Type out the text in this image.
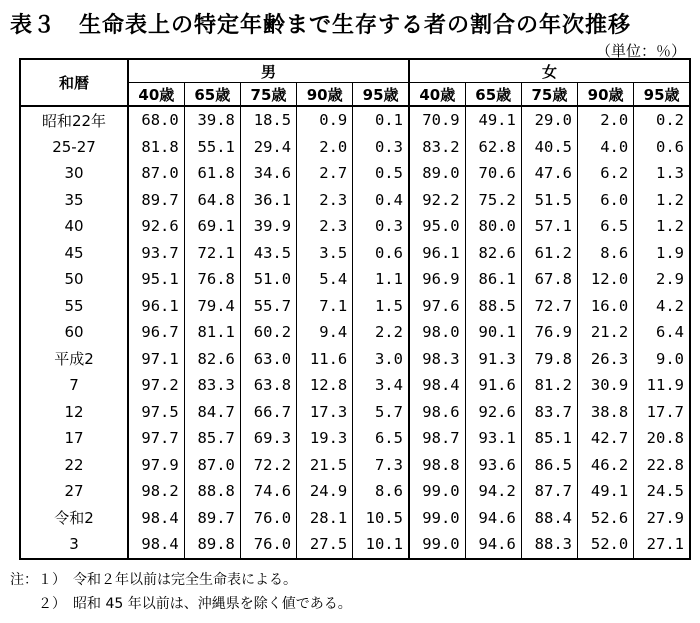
表３　生命表上の特定年齢まで生存する者の割合の年次推移
（単位：％）
和暦	男					女				
	40歳	65歳	75歳	90歳	95歳	40歳	65歳	75歳	90歳	95歳
昭和22年	68.0	39.8	18.5	0.9	0.1	70.9	49.1	29.0	2.0	0.2
25-27	81.8	55.1	29.4	2.0	0.3	83.2	62.8	40.5	4.0	0.6
30	87.0	61.8	34.6	2.7	0.5	89.0	70.6	47.6	6.2	1.3
35	89.7	64.8	36.1	2.3	0.4	92.2	75.2	51.5	6.0	1.2
40	92.6	69.1	39.9	2.3	0.3	95.0	80.0	57.1	6.5	1.2
45	93.7	72.1	43.5	3.5	0.6	96.1	82.6	61.2	8.6	1.9
50	95.1	76.8	51.0	5.4	1.1	96.9	86.1	67.8	12.0	2.9
55	96.1	79.4	55.7	7.1	1.5	97.6	88.5	72.7	16.0	4.2
60	96.7	81.1	60.2	9.4	2.2	98.0	90.1	76.9	21.2	6.4
平成2	97.1	82.6	63.0	11.6	3.0	98.3	91.3	79.8	26.3	9.0
7	97.2	83.3	63.8	12.8	3.4	98.4	91.6	81.2	30.9	11.9
12	97.5	84.7	66.7	17.3	5.7	98.6	92.6	83.7	38.8	17.7
17	97.7	85.7	69.3	19.3	6.5	98.7	93.1	85.1	42.7	20.8
22	97.9	87.0	72.2	21.5	7.3	98.8	93.6	86.5	46.2	22.8
27	98.2	88.8	74.6	24.9	8.6	99.0	94.2	87.7	49.1	24.5
令和2	98.4	89.7	76.0	28.1	10.5	99.0	94.6	88.4	52.6	27.9
3	98.4	89.8	76.0	27.5	10.1	99.0	94.6	88.3	52.0	27.1
注：１）　令和２年以前は完全生命表による。
　　２）　昭和 45 年以前は、沖縄県を除く値である。
